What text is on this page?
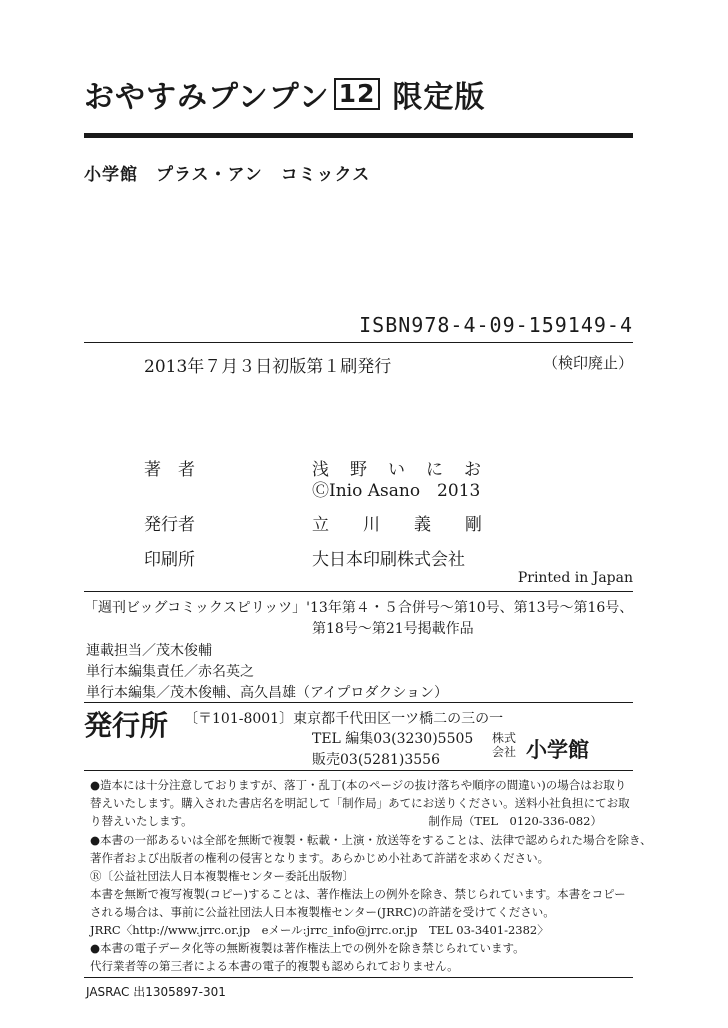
おやすみプンプン 12 限定版
小学館　プラス・アン　コミックス
ISBN978-4-09-159149-4
2013年７月３日初版第１刷発行	（検印廃止）
著　者	浅　野　い　に　お
ⒸInio Asano　2013
発行者	立　　川　　義　　剛
印刷所	大日本印刷株式会社
Printed in Japan
「週刊ビッグコミックスピリッツ」'13年第４・５合併号～第10号、第13号～第16号、
第18号～第21号掲載作品
連載担当／茂木俊輔
単行本編集責任／赤名英之
単行本編集／茂木俊輔、高久昌雄（アイプロダクション）
発行所 〔〒101-8001〕東京都千代田区一ツ橋二の三の一
TEL 編集03(3230)5505
販売03(5281)3556
株式会社 小学館
●造本には十分注意しておりますが、落丁・乱丁(本のページの抜け落ちや順序の間違い)の場合はお取り
替えいたします。購入された書店名を明記して「制作局」あてにお送りください。送料小社負担にてお取
り替えいたします。　　　　　　　　　　　　　　　　　　　　　制作局（TEL　0120-336-082）
●本書の一部あるいは全部を無断で複製・転載・上演・放送等をすることは、法律で認められた場合を除き、
著作者および出版者の権利の侵害となります。あらかじめ小社あて許諾を求めください。
Ⓡ〔公益社団法人日本複製権センター委託出版物〕
本書を無断で複写複製(コピー)することは、著作権法上の例外を除き、禁じられています。本書をコピー
される場合は、事前に公益社団法人日本複製権センター(JRRC)の許諾を受けてください。
JRRC〈http://www.jrrc.or.jp　eメール:jrrc_info@jrrc.or.jp　TEL 03-3401-2382〉
●本書の電子データ化等の無断複製は著作権法上での例外を除き禁じられています。
代行業者等の第三者による本書の電子的複製も認められておりません。
JASRAC 出1305897-301
